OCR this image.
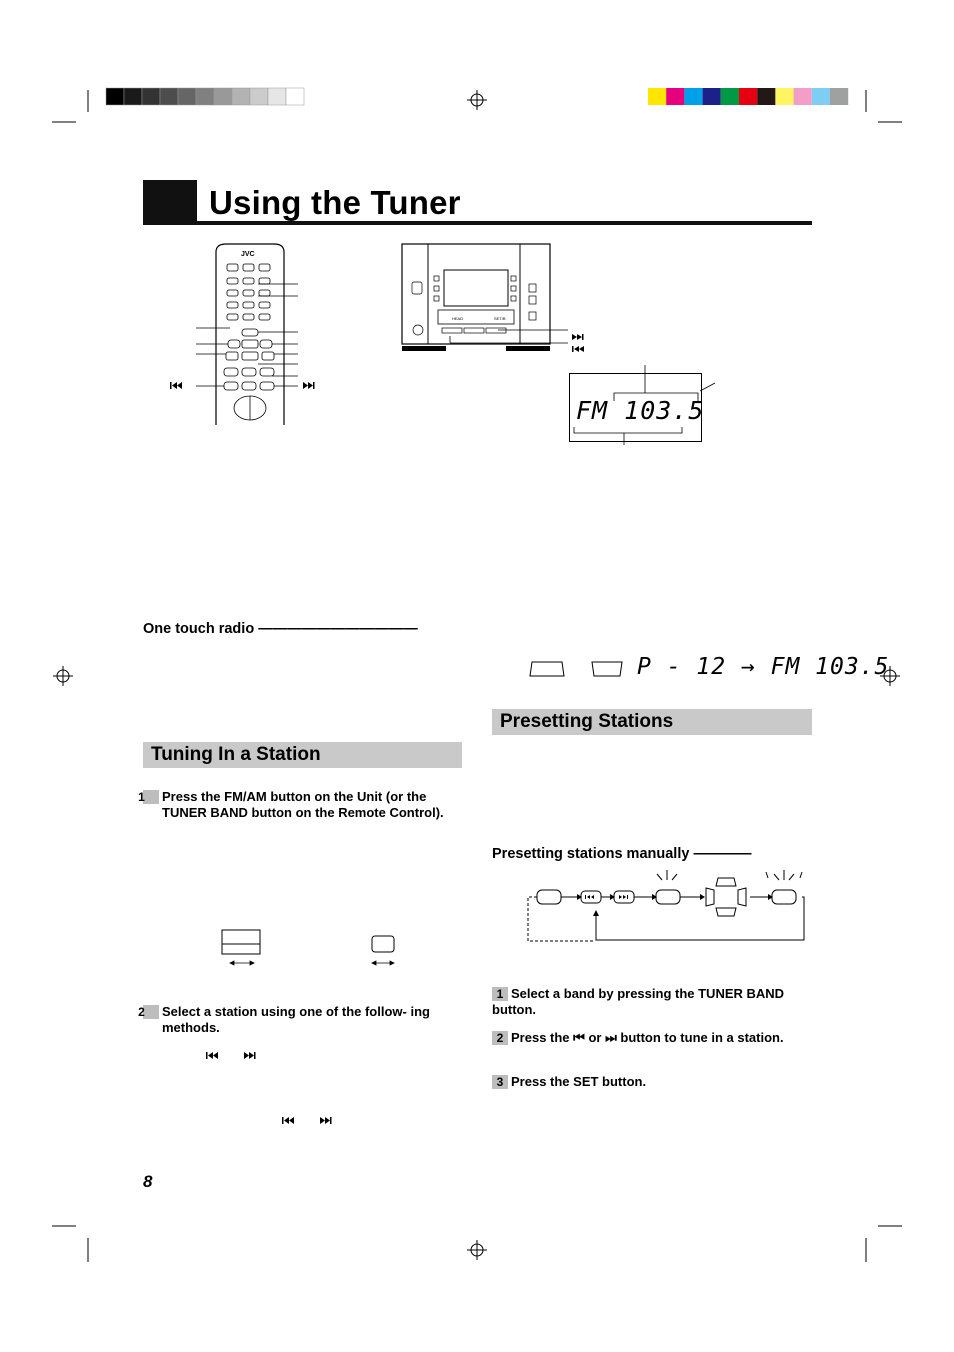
Using the Tuner
JVC
HEAD	SET/B
FM 103.5
One touch radio ———————————
P - 12 → FM 103.5
Presetting Stations
Presetting stations manually ————
1 Select a band by pressing the TUNER BAND button.
2 Press the ⏮ or ⏭ button to tune in a station.
3 Press the SET button.
Tuning In a Station
1 Press the FM/AM button on the Unit (or the TUNER BAND button on the Remote Control).
2 Select a station using one of the follow- ing methods.
8
